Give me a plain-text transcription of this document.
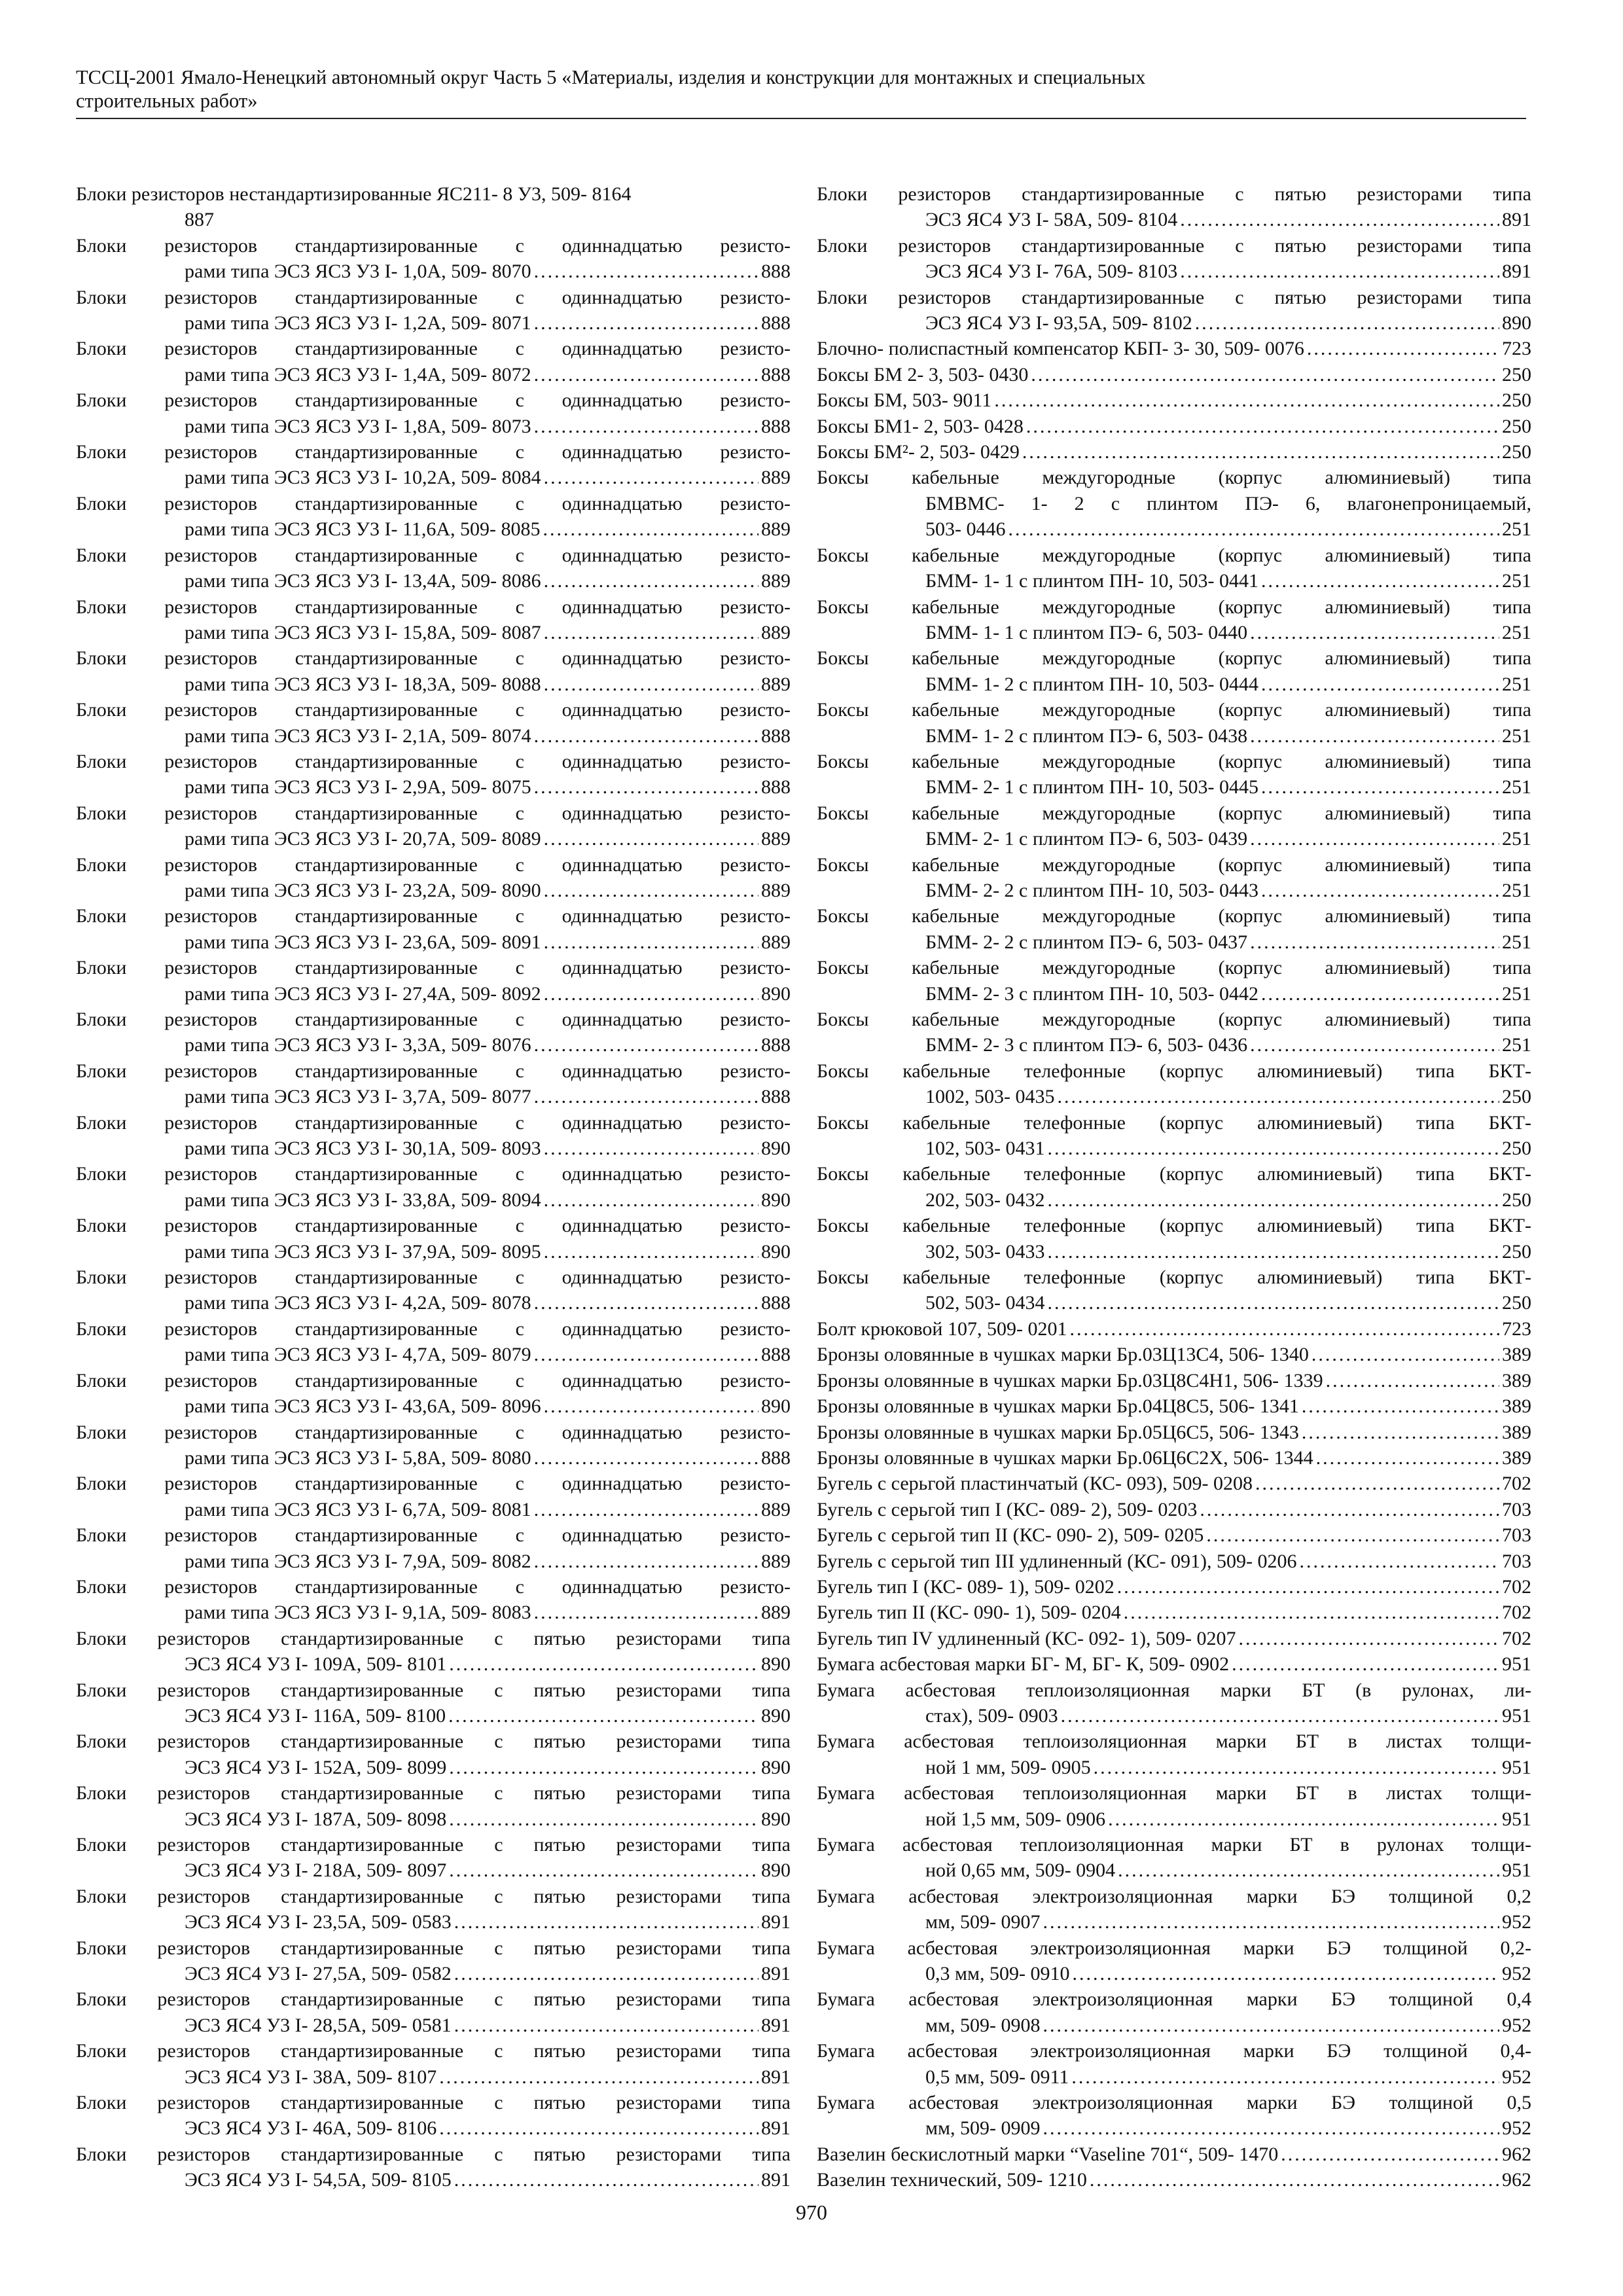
ТССЦ-2001 Ямало-Ненецкий автономный округ Часть 5 «Материалы, изделия и конструкции для монтажных и специальных
строительных работ»
Блоки резисторов нестандартизированные ЯС211- 8 У3, 509- 8164
887
Блоки резисторов стандартизированные с одиннадцатью резисто-
рами типа ЭС3 ЯС3 У3 I- 1,0А, 509- 8070 .....	888
Блоки резисторов стандартизированные с одиннадцатью резисто-
рами типа ЭС3 ЯС3 У3 I- 1,2А, 509- 8071 .....	888
Блоки резисторов стандартизированные с одиннадцатью резисто-
рами типа ЭС3 ЯС3 У3 I- 1,4А, 509- 8072 .....	888
Блоки резисторов стандартизированные с одиннадцатью резисто-
рами типа ЭС3 ЯС3 У3 I- 1,8А, 509- 8073 .....	888
Блоки резисторов стандартизированные с одиннадцатью резисто-
рами типа ЭС3 ЯС3 У3 I- 10,2А, 509- 8084 .....	889
Блоки резисторов стандартизированные с одиннадцатью резисто-
рами типа ЭС3 ЯС3 У3 I- 11,6А, 509- 8085 .....	889
Блоки резисторов стандартизированные с одиннадцатью резисто-
рами типа ЭС3 ЯС3 У3 I- 13,4А, 509- 8086 .....	889
Блоки резисторов стандартизированные с одиннадцатью резисто-
рами типа ЭС3 ЯС3 У3 I- 15,8А, 509- 8087 .....	889
Блоки резисторов стандартизированные с одиннадцатью резисто-
рами типа ЭС3 ЯС3 У3 I- 18,3А, 509- 8088 .....	889
Блоки резисторов стандартизированные с одиннадцатью резисто-
рами типа ЭС3 ЯС3 У3 I- 2,1А, 509- 8074 .....	888
Блоки резисторов стандартизированные с одиннадцатью резисто-
рами типа ЭС3 ЯС3 У3 I- 2,9А, 509- 8075 .....	888
Блоки резисторов стандартизированные с одиннадцатью резисто-
рами типа ЭС3 ЯС3 У3 I- 20,7А, 509- 8089 .....	889
Блоки резисторов стандартизированные с одиннадцатью резисто-
рами типа ЭС3 ЯС3 У3 I- 23,2А, 509- 8090 .....	889
Блоки резисторов стандартизированные с одиннадцатью резисто-
рами типа ЭС3 ЯС3 У3 I- 23,6А, 509- 8091 .....	889
Блоки резисторов стандартизированные с одиннадцатью резисто-
рами типа ЭС3 ЯС3 У3 I- 27,4А, 509- 8092 .....	890
Блоки резисторов стандартизированные с одиннадцатью резисто-
рами типа ЭС3 ЯС3 У3 I- 3,3А, 509- 8076 .....	888
Блоки резисторов стандартизированные с одиннадцатью резисто-
рами типа ЭС3 ЯС3 У3 I- 3,7А, 509- 8077 .....	888
Блоки резисторов стандартизированные с одиннадцатью резисто-
рами типа ЭС3 ЯС3 У3 I- 30,1А, 509- 8093 .....	890
Блоки резисторов стандартизированные с одиннадцатью резисто-
рами типа ЭС3 ЯС3 У3 I- 33,8А, 509- 8094 .....	890
Блоки резисторов стандартизированные с одиннадцатью резисто-
рами типа ЭС3 ЯС3 У3 I- 37,9А, 509- 8095 .....	890
Блоки резисторов стандартизированные с одиннадцатью резисто-
рами типа ЭС3 ЯС3 У3 I- 4,2А, 509- 8078 .....	888
Блоки резисторов стандартизированные с одиннадцатью резисто-
рами типа ЭС3 ЯС3 У3 I- 4,7А, 509- 8079 .....	888
Блоки резисторов стандартизированные с одиннадцатью резисто-
рами типа ЭС3 ЯС3 У3 I- 43,6А, 509- 8096 .....	890
Блоки резисторов стандартизированные с одиннадцатью резисто-
рами типа ЭС3 ЯС3 У3 I- 5,8А, 509- 8080 .....	888
Блоки резисторов стандартизированные с одиннадцатью резисто-
рами типа ЭС3 ЯС3 У3 I- 6,7А, 509- 8081 .....	889
Блоки резисторов стандартизированные с одиннадцатью резисто-
рами типа ЭС3 ЯС3 У3 I- 7,9А, 509- 8082 .....	889
Блоки резисторов стандартизированные с одиннадцатью резисто-
рами типа ЭС3 ЯС3 У3 I- 9,1А, 509- 8083 .....	889
Блоки резисторов стандартизированные с пятью резисторами типа
ЭС3 ЯС4 У3 I- 109А, 509- 8101 .....	890
Блоки резисторов стандартизированные с пятью резисторами типа
ЭС3 ЯС4 У3 I- 116А, 509- 8100 .....	890
Блоки резисторов стандартизированные с пятью резисторами типа
ЭС3 ЯС4 У3 I- 152А, 509- 8099 .....	890
Блоки резисторов стандартизированные с пятью резисторами типа
ЭС3 ЯС4 У3 I- 187А, 509- 8098 .....	890
Блоки резисторов стандартизированные с пятью резисторами типа
ЭС3 ЯС4 У3 I- 218А, 509- 8097 .....	890
Блоки резисторов стандартизированные с пятью резисторами типа
ЭС3 ЯС4 У3 I- 23,5А, 509- 0583 .....	891
Блоки резисторов стандартизированные с пятью резисторами типа
ЭС3 ЯС4 У3 I- 27,5А, 509- 0582 .....	891
Блоки резисторов стандартизированные с пятью резисторами типа
ЭС3 ЯС4 У3 I- 28,5А, 509- 0581 .....	891
Блоки резисторов стандартизированные с пятью резисторами типа
ЭС3 ЯС4 У3 I- 38А, 509- 8107 .....	891
Блоки резисторов стандартизированные с пятью резисторами типа
ЭС3 ЯС4 У3 I- 46А, 509- 8106 .....	891
Блоки резисторов стандартизированные с пятью резисторами типа
ЭС3 ЯС4 У3 I- 54,5А, 509- 8105 .....	891
Блоки резисторов стандартизированные с пятью резисторами типа
ЭС3 ЯС4 У3 I- 58А, 509- 8104 .....	891
Блоки резисторов стандартизированные с пятью резисторами типа
ЭС3 ЯС4 У3 I- 76А, 509- 8103 .....	891
Блоки резисторов стандартизированные с пятью резисторами типа
ЭС3 ЯС4 У3 I- 93,5А, 509- 8102 .....	890
Блочно- полиспастный компенсатор КБП- 3- 30, 509- 0076 .....	723
Боксы БМ 2- 3, 503- 0430 .....	250
Боксы БМ, 503- 9011 .....	250
Боксы БМ1- 2, 503- 0428 .....	250
Боксы БМ²- 2, 503- 0429 .....	250
Боксы кабельные междугородные (корпус алюминиевый) типа
БМВМС- 1- 2 с плинтом ПЭ- 6, влагонепроницаемый,
503- 0446 .....	251
Боксы кабельные междугородные (корпус алюминиевый) типа
БММ- 1- 1 с плинтом ПН- 10, 503- 0441 .....	251
Боксы кабельные междугородные (корпус алюминиевый) типа
БММ- 1- 1 с плинтом ПЭ- 6, 503- 0440 .....	251
Боксы кабельные междугородные (корпус алюминиевый) типа
БММ- 1- 2 с плинтом ПН- 10, 503- 0444 .....	251
Боксы кабельные междугородные (корпус алюминиевый) типа
БММ- 1- 2 с плинтом ПЭ- 6, 503- 0438 .....	251
Боксы кабельные междугородные (корпус алюминиевый) типа
БММ- 2- 1 с плинтом ПН- 10, 503- 0445 .....	251
Боксы кабельные междугородные (корпус алюминиевый) типа
БММ- 2- 1 с плинтом ПЭ- 6, 503- 0439 .....	251
Боксы кабельные междугородные (корпус алюминиевый) типа
БММ- 2- 2 с плинтом ПН- 10, 503- 0443 .....	251
Боксы кабельные междугородные (корпус алюминиевый) типа
БММ- 2- 2 с плинтом ПЭ- 6, 503- 0437 .....	251
Боксы кабельные междугородные (корпус алюминиевый) типа
БММ- 2- 3 с плинтом ПН- 10, 503- 0442 .....	251
Боксы кабельные междугородные (корпус алюминиевый) типа
БММ- 2- 3 с плинтом ПЭ- 6, 503- 0436 .....	251
Боксы кабельные телефонные (корпус алюминиевый) типа БКТ-
1002, 503- 0435 .....	250
Боксы кабельные телефонные (корпус алюминиевый) типа БКТ-
102, 503- 0431 .....	250
Боксы кабельные телефонные (корпус алюминиевый) типа БКТ-
202, 503- 0432 .....	250
Боксы кабельные телефонные (корпус алюминиевый) типа БКТ-
302, 503- 0433 .....	250
Боксы кабельные телефонные (корпус алюминиевый) типа БКТ-
502, 503- 0434 .....	250
Болт крюковой 107, 509- 0201 .....	723
Бронзы оловянные в чушках марки Бр.03Ц13С4, 506- 1340 .....	389
Бронзы оловянные в чушках марки Бр.03Ц8С4Н1, 506- 1339 .....	389
Бронзы оловянные в чушках марки Бр.04Ц8С5, 506- 1341 .....	389
Бронзы оловянные в чушках марки Бр.05Ц6С5, 506- 1343 .....	389
Бронзы оловянные в чушках марки Бр.06Ц6С2Х, 506- 1344 .....	389
Бугель с серьгой пластинчатый (КС- 093), 509- 0208 .....	702
Бугель с серьгой тип I (КС- 089- 2), 509- 0203 .....	703
Бугель с серьгой тип II (КС- 090- 2), 509- 0205 .....	703
Бугель с серьгой тип III удлиненный (КС- 091), 509- 0206 .....	703
Бугель тип I (КС- 089- 1), 509- 0202 .....	702
Бугель тип II (КС- 090- 1), 509- 0204 .....	702
Бугель тип IV удлиненный (КС- 092- 1), 509- 0207 .....	702
Бумага асбестовая марки БГ- М, БГ- К, 509- 0902 .....	951
Бумага асбестовая теплоизоляционная марки БТ (в рулонах, ли-
стах), 509- 0903 .....	951
Бумага асбестовая теплоизоляционная марки БТ в листах толщи-
ной 1 мм, 509- 0905 .....	951
Бумага асбестовая теплоизоляционная марки БТ в листах толщи-
ной 1,5 мм, 509- 0906 .....	951
Бумага асбестовая теплоизоляционная марки БТ в рулонах толщи-
ной 0,65 мм, 509- 0904 .....	951
Бумага асбестовая электроизоляционная марки БЭ толщиной 0,2
мм, 509- 0907 .....	952
Бумага асбестовая электроизоляционная марки БЭ толщиной 0,2-
0,3 мм, 509- 0910 .....	952
Бумага асбестовая электроизоляционная марки БЭ толщиной 0,4
мм, 509- 0908 .....	952
Бумага асбестовая электроизоляционная марки БЭ толщиной 0,4-
0,5 мм, 509- 0911 .....	952
Бумага асбестовая электроизоляционная марки БЭ толщиной 0,5
мм, 509- 0909 .....	952
Вазелин бескислотный марки “Vaseline 701“, 509- 1470 .....	962
Вазелин технический, 509- 1210 .....	962
970
